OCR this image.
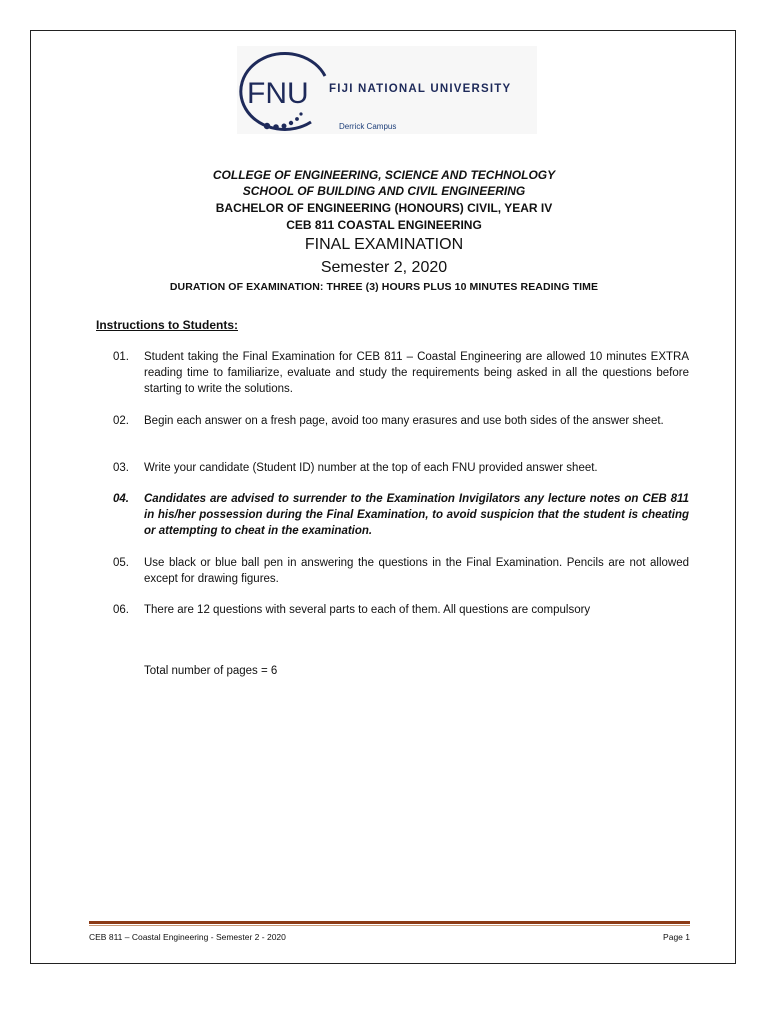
FNU FIJI NATIONAL UNIVERSITY
Derrick Campus
COLLEGE OF ENGINEERING, SCIENCE AND TECHNOLOGY
SCHOOL OF BUILDING AND CIVIL ENGINEERING
BACHELOR OF ENGINEERING (HONOURS) CIVIL, YEAR IV
CEB 811 COASTAL ENGINEERING
FINAL EXAMINATION
Semester 2, 2020
DURATION OF EXAMINATION: THREE (3) HOURS PLUS 10 MINUTES READING TIME
Instructions to Students:
01. Student taking the Final Examination for CEB 811 – Coastal Engineering are allowed 10 minutes EXTRA reading time to familiarize, evaluate and study the requirements being asked in all the questions before starting to write the solutions.
02. Begin each answer on a fresh page, avoid too many erasures and use both sides of the answer sheet.
03. Write your candidate (Student ID) number at the top of each FNU provided answer sheet.
04. Candidates are advised to surrender to the Examination Invigilators any lecture notes on CEB 811 in his/her possession during the Final Examination, to avoid suspicion that the student is cheating or attempting to cheat in the examination.
05. Use black or blue ball pen in answering the questions in the Final Examination. Pencils are not allowed except for drawing figures.
06. There are 12 questions with several parts to each of them. All questions are compulsory
Total number of pages = 6
CEB 811 – Coastal Engineering - Semester 2 - 2020	Page 1
